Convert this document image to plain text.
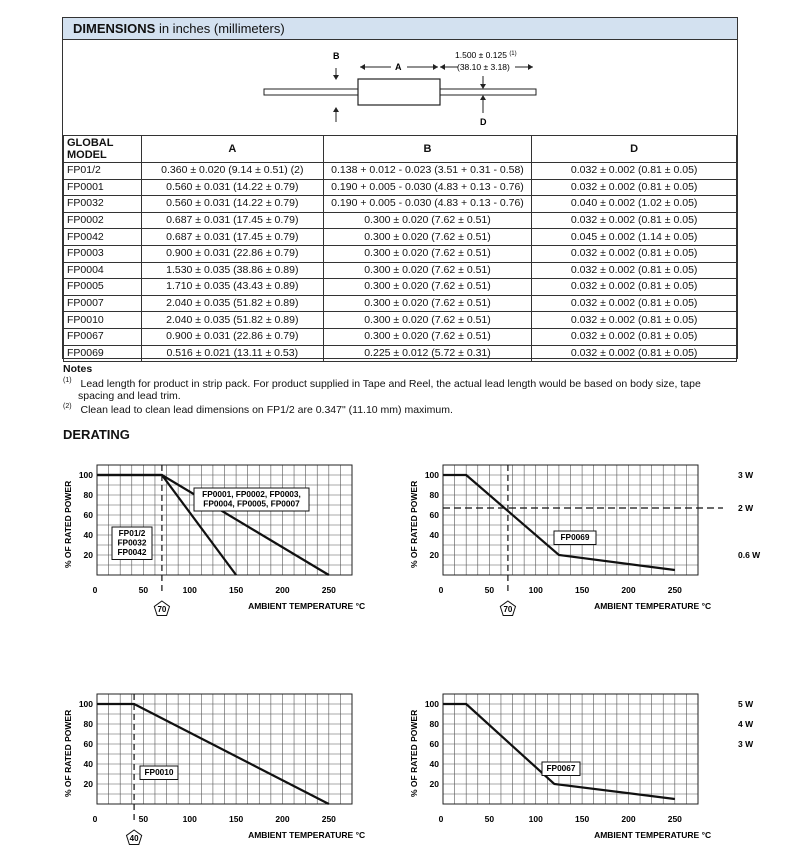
DIMENSIONS in inches (millimeters)
B
A
1.500 ± 0.125 $^{(1)}$
(38.10 ± 3.18)
D
GLOBAL
MODEL	A	B	D
FP01/2	0.360 ± 0.020 (9.14 ± 0.51) (2)	0.138 + 0.012 - 0.023 (3.51 + 0.31 - 0.58)	0.032 ± 0.002 (0.81 ± 0.05)
FP0001	0.560 ± 0.031 (14.22 ± 0.79)	0.190 + 0.005 - 0.030 (4.83 + 0.13 - 0.76)	0.032 ± 0.002 (0.81 ± 0.05)
FP0032	0.560 ± 0.031 (14.22 ± 0.79)	0.190 + 0.005 - 0.030 (4.83 + 0.13 - 0.76)	0.040 ± 0.002 (1.02 ± 0.05)
FP0002	0.687 ± 0.031 (17.45 ± 0.79)	0.300 ± 0.020 (7.62 ± 0.51)	0.032 ± 0.002 (0.81 ± 0.05)
FP0042	0.687 ± 0.031 (17.45 ± 0.79)	0.300 ± 0.020 (7.62 ± 0.51)	0.045 ± 0.002 (1.14 ± 0.05)
FP0003	0.900 ± 0.031 (22.86 ± 0.79)	0.300 ± 0.020 (7.62 ± 0.51)	0.032 ± 0.002 (0.81 ± 0.05)
FP0004	1.530 ± 0.035 (38.86 ± 0.89)	0.300 ± 0.020 (7.62 ± 0.51)	0.032 ± 0.002 (0.81 ± 0.05)
FP0005	1.710 ± 0.035 (43.43 ± 0.89)	0.300 ± 0.020 (7.62 ± 0.51)	0.032 ± 0.002 (0.81 ± 0.05)
FP0007	2.040 ± 0.035 (51.82 ± 0.89)	0.300 ± 0.020 (7.62 ± 0.51)	0.032 ± 0.002 (0.81 ± 0.05)
FP0010	2.040 ± 0.035 (51.82 ± 0.89)	0.300 ± 0.020 (7.62 ± 0.51)	0.032 ± 0.002 (0.81 ± 0.05)
FP0067	0.900 ± 0.031 (22.86 ± 0.79)	0.300 ± 0.020 (7.62 ± 0.51)	0.032 ± 0.002 (0.81 ± 0.05)
FP0069	0.516 ± 0.021 (13.11 ± 0.53)	0.225 ± 0.012 (5.72 ± 0.31)	0.032 ± 0.002 (0.81 ± 0.05)
Notes
$^{(1)}$ Lead length for product in strip pack. For product supplied in Tape and Reel, the actual lead length would be based on body size, tape
spacing and lead trim.
$^{(2)}$ Clean lead to clean lead dimensions on FP1/2 are 0.347" (11.10 mm) maximum.
DERATING
% OF RATED POWER 20
40
60
80
100
0	50	100	150	200	250
AMBIENT TEMPERATURE °C
70
FP01/2
FP0032
FP0042
FP0001, FP0002, FP0003,
FP0004, FP0005, FP0007	% OF RATED POWER 20
40
60
80
100
0	50	100	150	200	250
AMBIENT TEMPERATURE °C
70
3 W
2 W
0.6 W
FP0069
% OF RATED POWER 20
40
60
80
100
0	50	100	150	200	250
AMBIENT TEMPERATURE °C
40
FP0010	% OF RATED POWER 20
40
60
80
100
0	50	100	150	200	250
AMBIENT TEMPERATURE °C
5 W
4 W
3 W
FP0067
